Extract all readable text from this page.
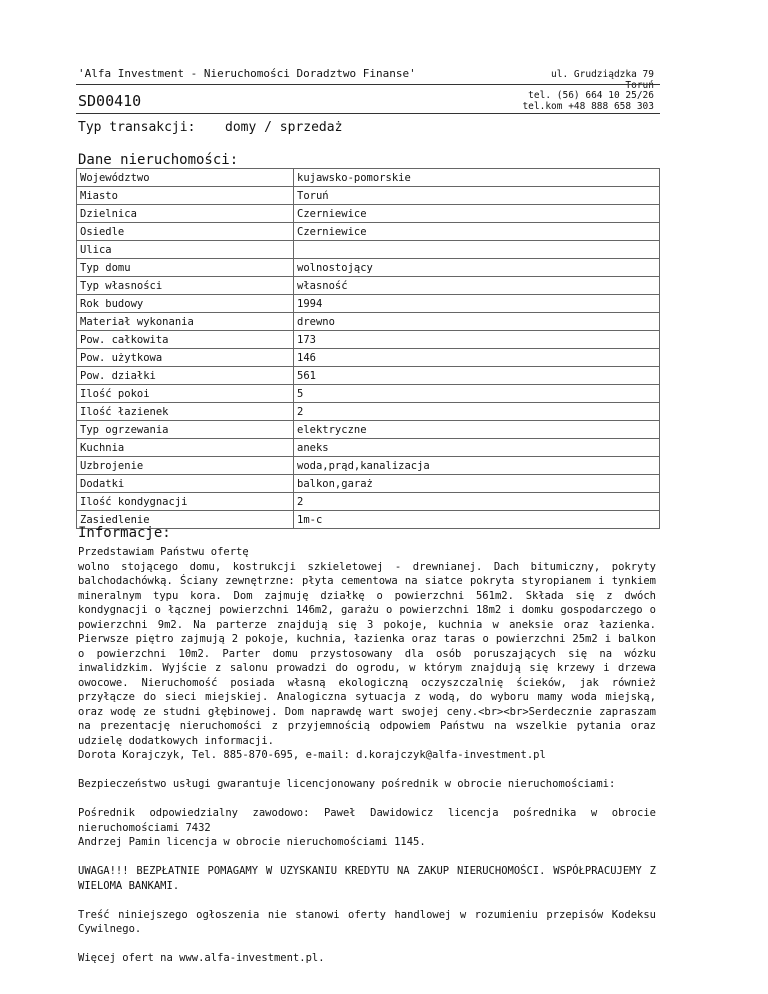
'Alfa Investment - Nieruchomości Doradztwo Finanse'	ul. Grudziądzka 79
Toruń
tel. (56) 664 10 25/26
tel.kom +48 888 658 303
SD00410
Typ transakcji: domy / sprzedaż
Dane nieruchomości:
Województwo	kujawsko-pomorskie
Miasto	Toruń
Dzielnica	Czerniewice
Osiedle	Czerniewice
Ulica	
Typ domu	wolnostojący
Typ własności	własność
Rok budowy	1994
Materiał wykonania	drewno
Pow. całkowita	173
Pow. użytkowa	146
Pow. działki	561
Ilość pokoi	5
Ilość łazienek	2
Typ ogrzewania	elektryczne
Kuchnia	aneks
Uzbrojenie	woda,prąd,kanalizacja
Dodatki	balkon,garaż
Ilość kondygnacji	2
Zasiedlenie	1m-c
Informacje:

Przedstawiam Państwu ofertę

wolno stojącego domu, kostrukcji szkieletowej - drewnianej. Dach bitumiczny, pokryty balchodachówką. Ściany zewnętrzne: płyta cementowa na siatce pokryta styropianem i tynkiem mineralnym typu kora. Dom zajmuję działkę o powierzchni 561m2. Składa się z dwóch kondygnacji o łącznej powierzchni 146m2, garażu o powierzchni 18m2 i domku gospodarczego o powierzchni 9m2. Na parterze znajdują się 3 pokoje, kuchnia w aneksie oraz łazienka. Pierwsze piętro zajmują 2 pokoje, kuchnia, łazienka oraz taras o powierzchni 25m2 i balkon o powierzchni 10m2. Parter domu przystosowany dla osób poruszających się na wózku inwalidzkim. Wyjście z salonu prowadzi do ogrodu, w którym znajdują się krzewy i drzewa owocowe. Nieruchomość posiada własną ekologiczną oczyszczalnię ścieków, jak również przyłącze do sieci miejskiej. Analogiczna sytuacja z wodą, do wyboru mamy woda miejską, oraz wodę ze studni głębinowej. Dom naprawdę wart swojej ceny.<br><br>Serdecznie zapraszam na prezentację nieruchomości z przyjemnością odpowiem Państwu na wszelkie pytania oraz udzielę dodatkowych informacji.

Dorota Korajczyk, Tel. 885-870-695, e-mail: d.korajczyk@alfa-investment.pl

Bezpieczeństwo usługi gwarantuje licencjonowany pośrednik w obrocie nieruchomościami:

Pośrednik odpowiedzialny zawodowo: Paweł Dawidowicz licencja pośrednika w obrocie nieruchomościami 7432
Andrzej Pamin licencja w obrocie nieruchomościami 1145.

UWAGA!!! BEZPŁATNIE POMAGAMY W UZYSKANIU KREDYTU NA ZAKUP NIERUCHOMOŚCI. WSPÓŁPRACUJEMY Z WIELOMA BANKAMI.

Treść niniejszego ogłoszenia nie stanowi oferty handlowej w rozumieniu przepisów Kodeksu Cywilnego.

Więcej ofert na www.alfa-investment.pl.
